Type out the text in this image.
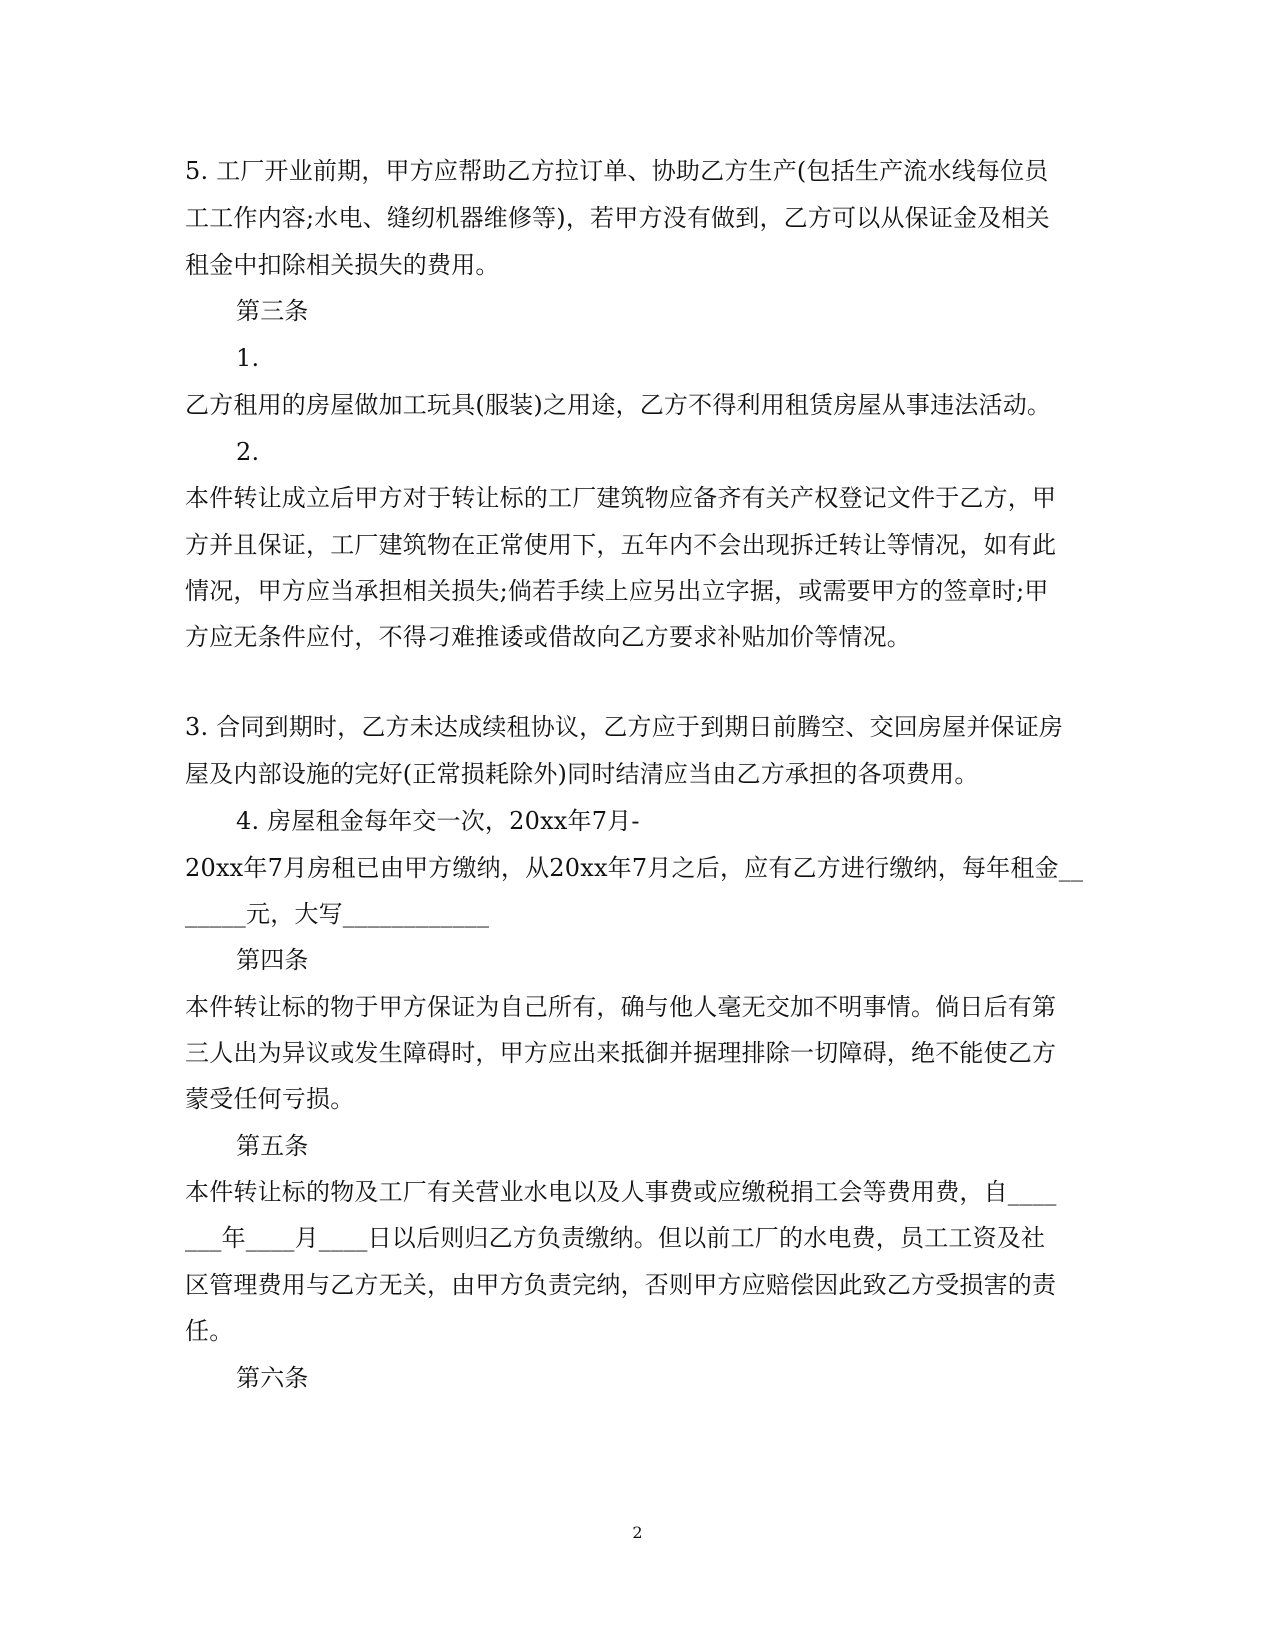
5. 工厂开业前期，甲方应帮助乙方拉订单、协助乙方生产(包括生产流水线每位员
工工作内容;水电、缝纫机器维修等)，若甲方没有做到，乙方可以从保证金及相关
租金中扣除相关损失的费用。
第三条
1.
乙方租用的房屋做加工玩具(服装)之用途，乙方不得利用租赁房屋从事违法活动。
2.
本件转让成立后甲方对于转让标的工厂建筑物应备齐有关产权登记文件于乙方，甲
方并且保证，工厂建筑物在正常使用下，五年内不会出现拆迁转让等情况，如有此
情况，甲方应当承担相关损失;倘若手续上应另出立字据，或需要甲方的签章时;甲
方应无条件应付，不得刁难推诿或借故向乙方要求补贴加价等情况。
3. 合同到期时，乙方未达成续租协议，乙方应于到期日前腾空、交回房屋并保证房
屋及内部设施的完好(正常损耗除外)同时结清应当由乙方承担的各项费用。
4. 房屋租金每年交一次，20xx年7月-
20xx年7月房租已由甲方缴纳，从20xx年7月之后，应有乙方进行缴纳，每年租金__
_____元，大写____________
第四条
本件转让标的物于甲方保证为自己所有，确与他人毫无交加不明事情。倘日后有第
三人出为异议或发生障碍时，甲方应出来抵御并据理排除一切障碍，绝不能使乙方
蒙受任何亏损。
第五条
本件转让标的物及工厂有关营业水电以及人事费或应缴税捐工会等费用费，自____
___年____月____日以后则归乙方负责缴纳。但以前工厂的水电费，员工工资及社
区管理费用与乙方无关，由甲方负责完纳，否则甲方应赔偿因此致乙方受损害的责
任。
第六条
2
